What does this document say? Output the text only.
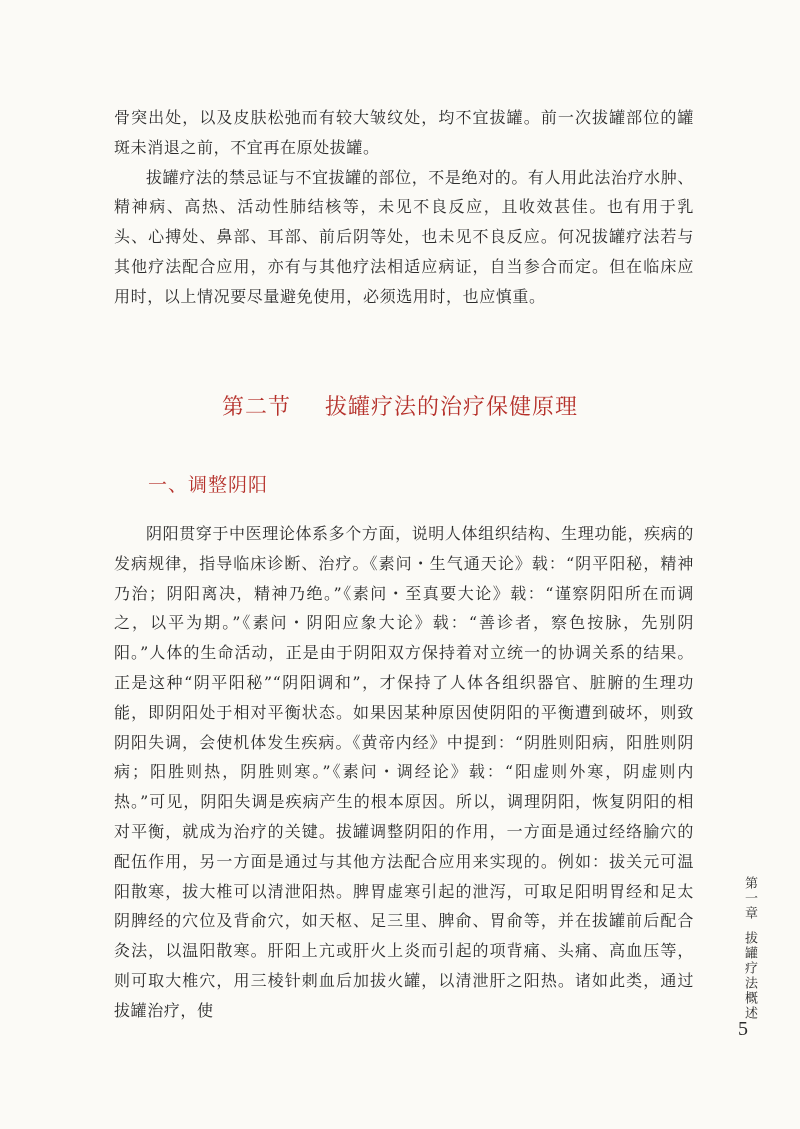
骨突出处，以及皮肤松弛而有较大皱纹处，均不宜拔罐。前一次拔罐部位的罐斑未消退之前，不宜再在原处拔罐。

拔罐疗法的禁忌证与不宜拔罐的部位，不是绝对的。有人用此法治疗水肿、精神病、高热、活动性肺结核等，未见不良反应，且收效甚佳。也有用于乳头、心搏处、鼻部、耳部、前后阴等处，也未见不良反应。何况拔罐疗法若与其他疗法配合应用，亦有与其他疗法相适应病证，自当参合而定。但在临床应用时，以上情况要尽量避免使用，必须选用时，也应慎重。

第二节 拔罐疗法的治疗保健原理
一、调整阴阳

阴阳贯穿于中医理论体系多个方面，说明人体组织结构、生理功能，疾病的发病规律，指导临床诊断、治疗。《素问・生气通天论》载：“阴平阳秘，精神乃治；阴阳离决，精神乃绝。”《素问・至真要大论》载：“谨察阴阳所在而调之，以平为期。”《素问・阴阳应象大论》载：“善诊者，察色按脉，先别阴阳。”人体的生命活动，正是由于阴阳双方保持着对立统一的协调关系的结果。正是这种“阴平阳秘”“阴阳调和”，才保持了人体各组织器官、脏腑的生理功能，即阴阳处于相对平衡状态。如果因某种原因使阴阳的平衡遭到破坏，则致阴阳失调，会使机体发生疾病。《黄帝内经》中提到：“阴胜则阳病，阳胜则阴病；阳胜则热，阴胜则寒。”《素问・调经论》载：“阳虚则外寒，阴虚则内热。”可见，阴阳失调是疾病产生的根本原因。所以，调理阴阳，恢复阴阳的相对平衡，就成为治疗的关键。拔罐调整阴阳的作用，一方面是通过经络腧穴的配伍作用，另一方面是通过与其他方法配合应用来实现的。例如：拔关元可温阳散寒，拔大椎可以清泄阳热。脾胃虚寒引起的泄泻，可取足阳明胃经和足太阴脾经的穴位及背俞穴，如天枢、足三里、脾俞、胃俞等，并在拔罐前后配合灸法，以温阳散寒。肝阳上亢或肝火上炎而引起的项背痛、头痛、高血压等，则可取大椎穴，用三棱针刺血后加拔火罐，以清泄肝之阳热。诸如此类，通过拔罐治疗，使

第一章拔罐疗法概述
5
